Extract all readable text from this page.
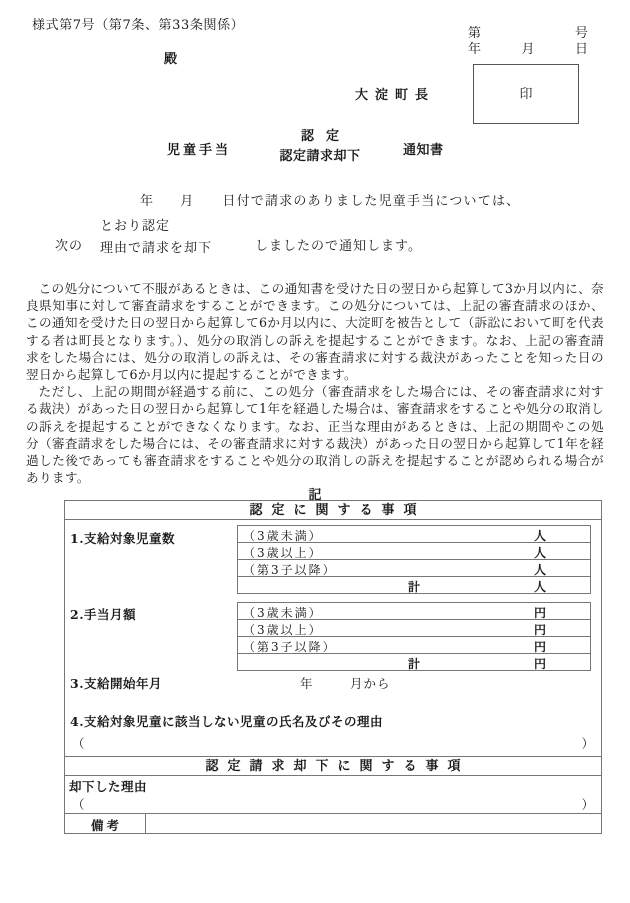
様式第7号（第7条、第33条関係）
殿
第	号
年	月	日
大淀町長	印
児童手当
認定
認定請求却下	通知書
年 月 日付で請求のありました児童手当については、
次の
とおり認定
理由で請求を却下	しましたので通知します。

この処分について不服があるときは、この通知書を受けた日の翌日から起算して3か月以内に、奈良県知事に対して審査請求をすることができます。この処分については、上記の審査請求のほか、この通知を受けた日の翌日から起算して6か月以内に、大淀町を被告として（訴訟において町を代表する者は町長となります。）、処分の取消しの訴えを提起することができます。なお、上記の審査請求をした場合には、処分の取消しの訴えは、その審査請求に対する裁決があったことを知った日の翌日から起算して6か月以内に提起することができます。

ただし、上記の期間が経過する前に、この処分（審査請求をした場合には、その審査請求に対する裁決）があった日の翌日から起算して1年を経過した場合は、審査請求をすることや処分の取消しの訴えを提起することができなくなります。なお、正当な理由があるときは、上記の期間やこの処分（審査請求をした場合には、その審査請求に対する裁決）があった日の翌日から起算して1年を経過した後であっても審査請求をすることや処分の取消しの訴えを提起することが認められる場合があります。

記
認定に関する事項
1.支給対象児童数	（3歳未満）	人
（3歳以上）	人
（第3子以降）	人
計	人
2.手当月額	（3歳未満）	円
（3歳以上）	円
（第3子以降）	円
計	円
3.支給開始年月	年	月から
4.支給対象児童に該当しない児童の氏名及びその理由
（	）
認定請求却下に関する事項
却下した理由
（	）
備考
